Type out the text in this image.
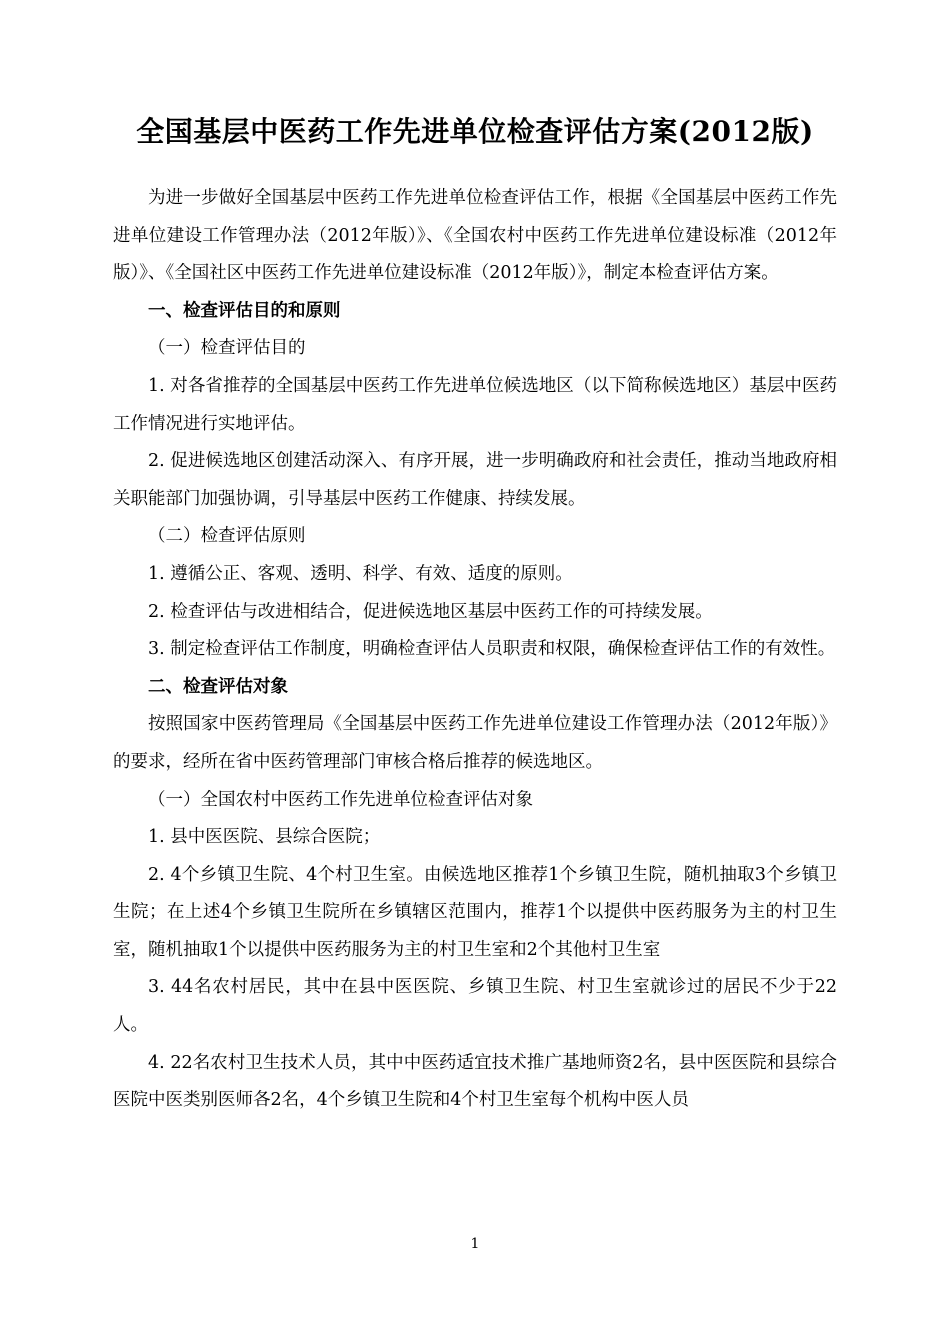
全国基层中医药工作先进单位检查评估方案(2012版)

为进一步做好全国基层中医药工作先进单位检查评估工作，根据《全国基层中医药工作先进单位建设工作管理办法（2012年版）》、《全国农村中医药工作先进单位建设标准（2012年版）》、《全国社区中医药工作先进单位建设标准（2012年版）》，制定本检查评估方案。

一、检查评估目的和原则

（一）检查评估目的

1. 对各省推荐的全国基层中医药工作先进单位候选地区（以下简称候选地区）基层中医药工作情况进行实地评估。

2. 促进候选地区创建活动深入、有序开展，进一步明确政府和社会责任，推动当地政府相关职能部门加强协调，引导基层中医药工作健康、持续发展。

（二）检查评估原则

1. 遵循公正、客观、透明、科学、有效、适度的原则。

2. 检查评估与改进相结合，促进候选地区基层中医药工作的可持续发展。

3. 制定检查评估工作制度，明确检查评估人员职责和权限，确保检查评估工作的有效性。

二、检查评估对象

按照国家中医药管理局《全国基层中医药工作先进单位建设工作管理办法（2012年版）》的要求，经所在省中医药管理部门审核合格后推荐的候选地区。

（一）全国农村中医药工作先进单位检查评估对象

1. 县中医医院、县综合医院；

2. 4个乡镇卫生院、4个村卫生室。由候选地区推荐1个乡镇卫生院，随机抽取3个乡镇卫生院；在上述4个乡镇卫生院所在乡镇辖区范围内，推荐1个以提供中医药服务为主的村卫生室，随机抽取1个以提供中医药服务为主的村卫生室和2个其他村卫生室

3. 44名农村居民，其中在县中医医院、乡镇卫生院、村卫生室就诊过的居民不少于22人。

4. 22名农村卫生技术人员，其中中医药适宜技术推广基地师资2名，县中医医院和县综合医院中医类别医师各2名，4个乡镇卫生院和4个村卫生室每个机构中医人员

1
